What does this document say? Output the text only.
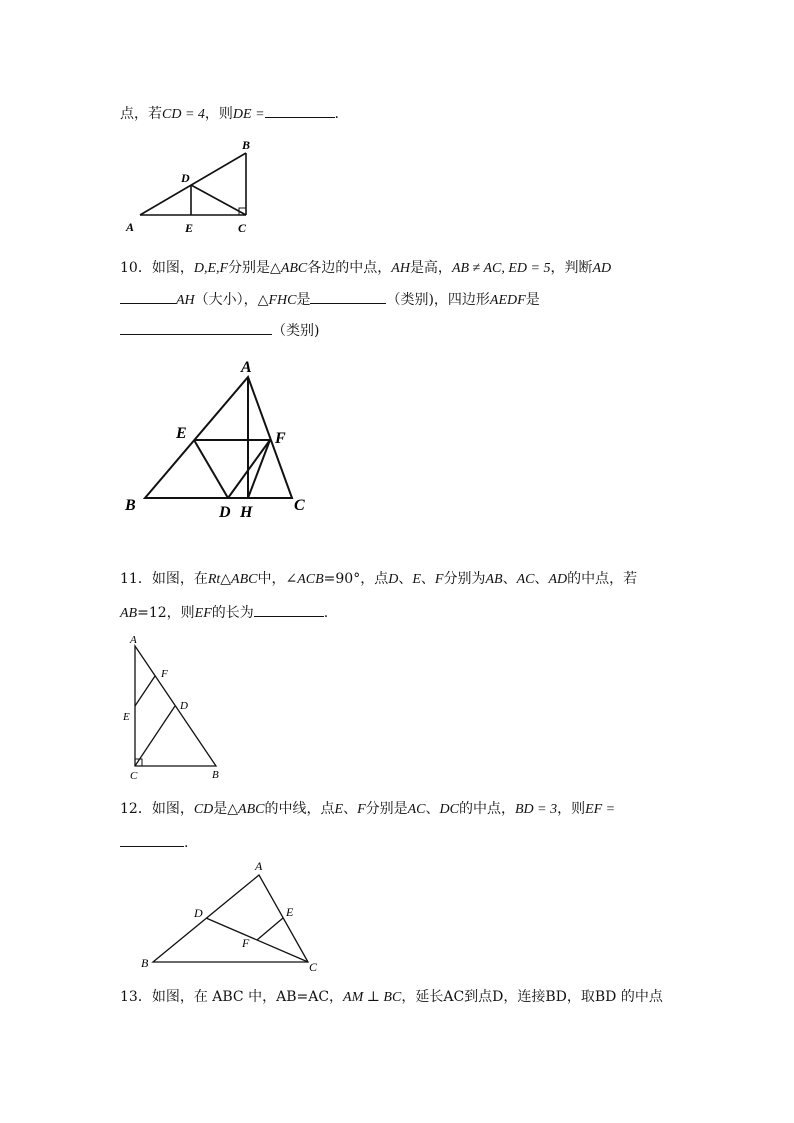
点，若CD = 4，则DE =	.
A
B
C
D
E
10．如图，D,E,F分别是△ABC各边的中点，AH是高，AB ≠ AC, ED = 5，判断AD
AH（大小），△FHC是	（类别)，四边形AEDF是
（类别)
A
B	C
D
E	F
H
11．如图，在Rt△ABC中，∠ACB=90°，点D、E、F分别为AB、AC、AD的中点，若
AB=12，则EF的长为	.
A
B
C
D
E
F
12．如图，CD是△ABC的中线，点E、F分别是AC、DC的中点，BD = 3，则EF =
.
A
B	C
D	E
F
13．如图，在 ABC 中，AB=AC，AM ⊥ BC，延长AC到点D，连接BD，取BD 的中点
